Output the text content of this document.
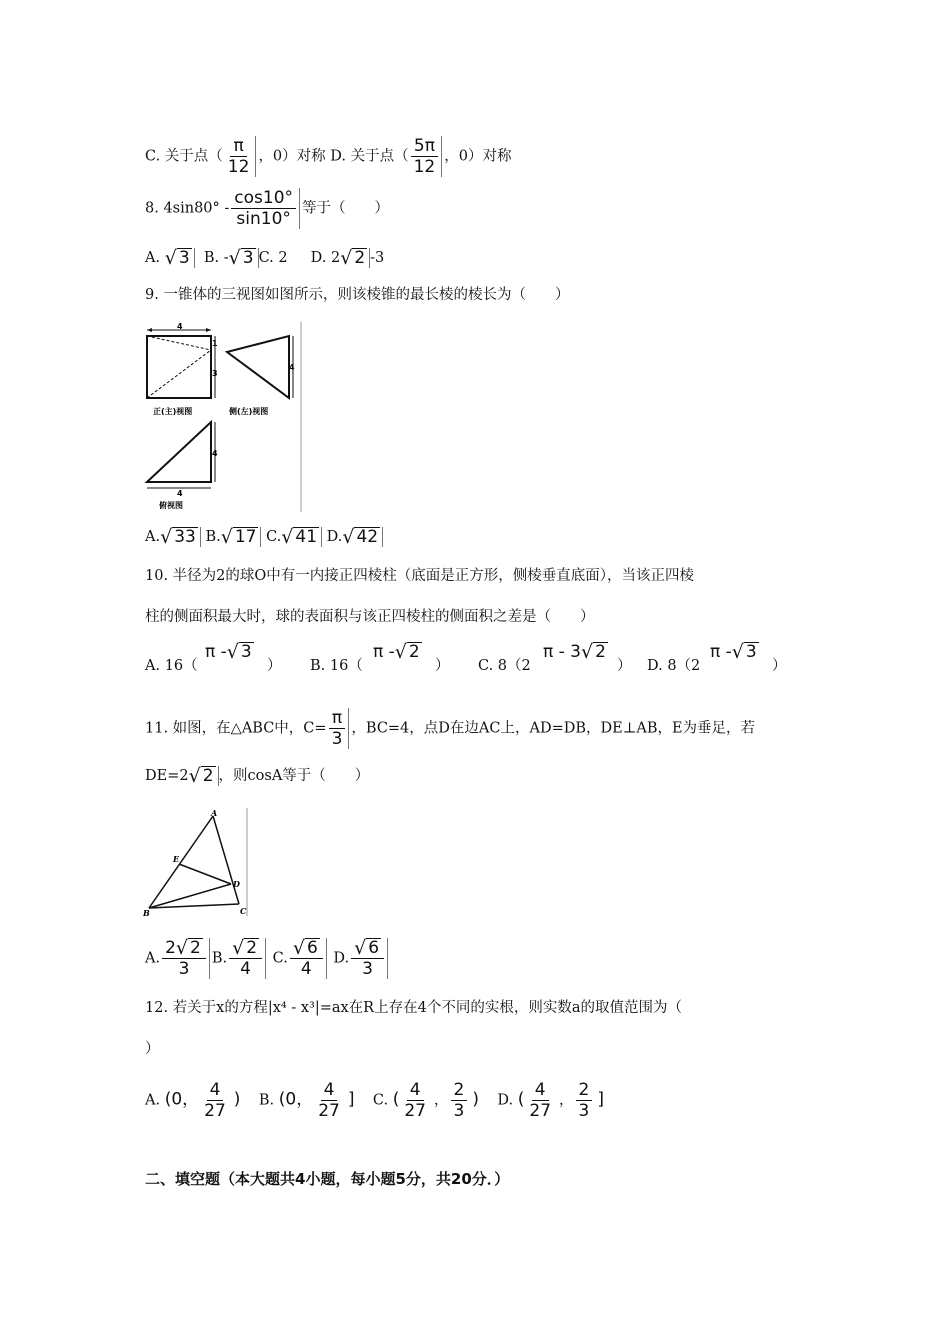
C. 关于点（ $\frac{\pi}{12}$ ，0）对称 D. 关于点（ $\frac{5\pi}{12}$ ，0）对称
8. $4\sin 80^\circ - \frac{\cos 10^\circ}{\sin 10^\circ}$ 等于（　　）
A. √ 3 B. - √ 3 C. 2 D. 2 √ 2 -3
9. 一锥体的三视图如图所示，则该棱锥的最长棱的棱长为（　　）
4
1
3
正(主)视图
4
侧(左)视图
4
4
俯视图
A. √ 33 B. √ 17 C. √ 41 D. √ 42
10. 半径为2的球O中有一内接正四棱柱（底面是正方形，侧棱垂直底面），当该正四棱
柱的侧面积最大时，球的表面积与该正四棱柱的侧面积之差是（　　）
A. 16（
π - √ 3
） B. 16（
π - √ 2
） C. 8（2
π - 3 √ 2
） D. 8（2
π - √ 3
）
11. 如图，在△ABC中，$C= \frac{\pi}{3}$ ，BC=4，点D在边AC上，AD=DB，DE⊥AB，E为垂足，若
DE=2 √ 2 ，则cosA等于（　　）
A
B	C
D
E
A. $\frac{2 √ 2}{3} B$. $\frac{√ 2}{4} C$. $\frac{√ 6}{4} D$. $\frac{√ 6}{3}$
12. 若关于x的方程|x⁴ - x³|=ax在R上存在4个不同的实根，则实数a的取值范围为（
）
A. (0， $\frac{4}{27}$ ) B. (0， $\frac{4}{27}$ ] C. ( $\frac{4}{27}$ ， $\frac{2}{3}$ ) D. ( $\frac{4}{27}$ ， $\frac{2}{3}$ ]
二、填空题（本大题共4小题，每小题5分，共20分．）
